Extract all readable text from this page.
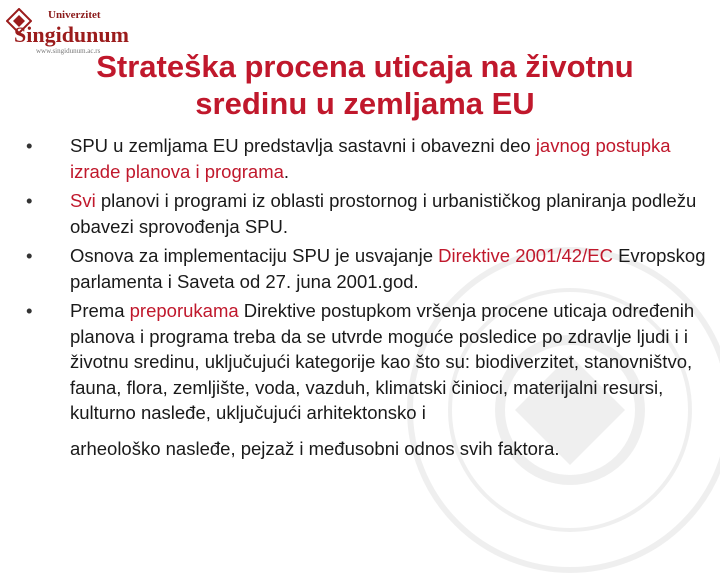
Univerzitet
Singidunum
www.singidunum.ac.rs
Strateška procena uticaja na životnu
sredinu u zemljama EU
•	SPU u zemljama EU predstavlja sastavni i obavezni deo javnog postupka izrade planova i programa.
•	Svi planovi i programi iz oblasti prostornog i urbanističkog planiranja podležu obavezi sprovođenja SPU.
•	Osnova za implementaciju SPU je usvajanje Direktive 2001/42/EC Evropskog parlamenta i Saveta od 27. juna 2001.god.
•	Prema preporukama Direktive postupkom vršenja procene uticaja određenih planova i programa treba da se utvrde moguće posledice po zdravlje ljudi i i životnu sredinu, uključujući kategorije kao što su: biodiverzitet, stanovništvo, fauna, flora, zemljište, voda, vazduh, klimatski činioci, materijalni resursi, kulturno nasleđe, uključujući arhitektonsko i
arheološko nasleđe, pejzaž i međusobni odnos svih faktora.
